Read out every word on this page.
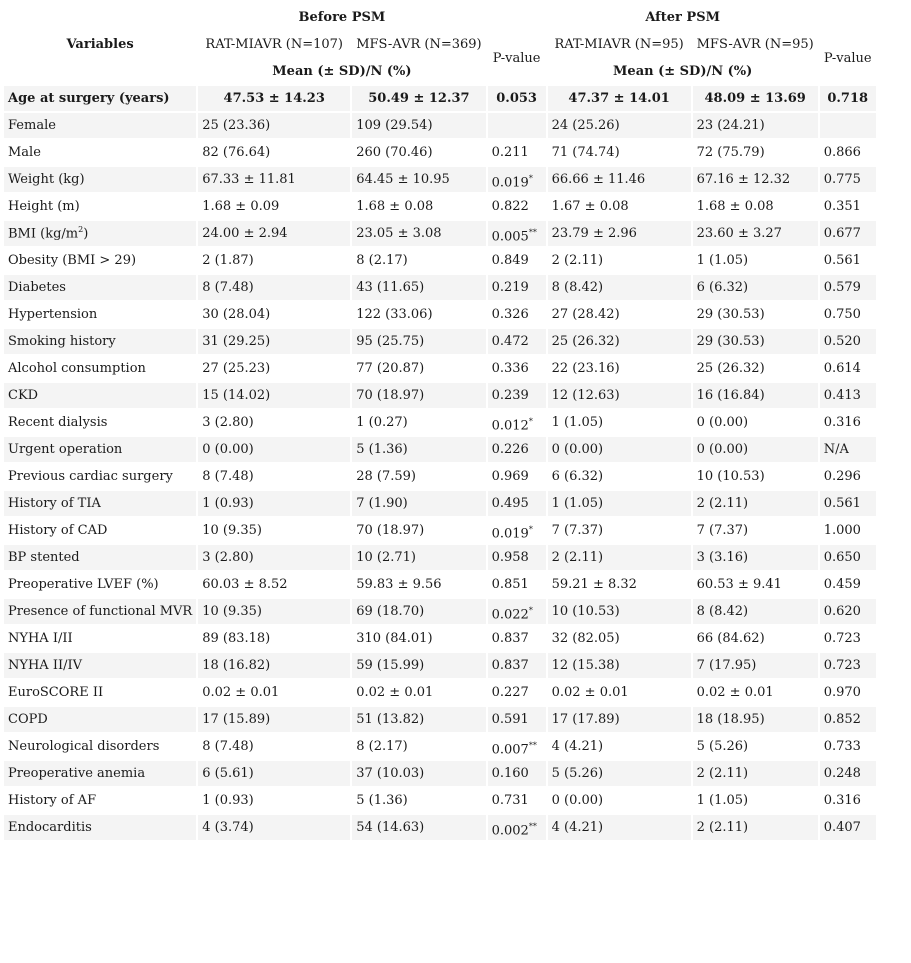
Variables	Before PSM			After PSM		
	RAT-MIAVR (N=107)	MFS-AVR (N=369)	P-value	RAT-MIAVR (N=95)	MFS-AVR (N=95)	P-value
	Mean (± SD)/N (%)			Mean (± SD)/N (%)		
Age at surgery (years)	47.53 ± 14.23	50.49 ± 12.37	0.053	47.37 ± 14.01	48.09 ± 13.69	0.718
Female	25 (23.36)	109 (29.54)		24 (25.26)	23 (24.21)	
Male	82 (76.64)	260 (70.46)	0.211	71 (74.74)	72 (75.79)	0.866
Weight (kg)	67.33 ± 11.81	64.45 ± 10.95	0.019*	66.66 ± 11.46	67.16 ± 12.32	0.775
Height (m)	1.68 ± 0.09	1.68 ± 0.08	0.822	1.67 ± 0.08	1.68 ± 0.08	0.351
BMI $(kg/m^2)$	24.00 ± 2.94	23.05 ± 3.08	0.005**	23.79 ± 2.96	23.60 ± 3.27	0.677
Obesity (BMI > 29)	2 (1.87)	8 (2.17)	0.849	2 (2.11)	1 (1.05)	0.561
Diabetes	8 (7.48)	43 (11.65)	0.219	8 (8.42)	6 (6.32)	0.579
Hypertension	30 (28.04)	122 (33.06)	0.326	27 (28.42)	29 (30.53)	0.750
Smoking history	31 (29.25)	95 (25.75)	0.472	25 (26.32)	29 (30.53)	0.520
Alcohol consumption	27 (25.23)	77 (20.87)	0.336	22 (23.16)	25 (26.32)	0.614
CKD	15 (14.02)	70 (18.97)	0.239	12 (12.63)	16 (16.84)	0.413
Recent dialysis	3 (2.80)	1 (0.27)	0.012*	1 (1.05)	0 (0.00)	0.316
Urgent operation	0 (0.00)	5 (1.36)	0.226	0 (0.00)	0 (0.00)	N/A
Previous cardiac surgery	8 (7.48)	28 (7.59)	0.969	6 (6.32)	10 (10.53)	0.296
History of TIA	1 (0.93)	7 (1.90)	0.495	1 (1.05)	2 (2.11)	0.561
History of CAD	10 (9.35)	70 (18.97)	0.019*	7 (7.37)	7 (7.37)	1.000
BP stented	3 (2.80)	10 (2.71)	0.958	2 (2.11)	3 (3.16)	0.650
Preoperative LVEF (%)	60.03 ± 8.52	59.83 ± 9.56	0.851	59.21 ± 8.32	60.53 ± 9.41	0.459
Presence of functional MVR	10 (9.35)	69 (18.70)	0.022*	10 (10.53)	8 (8.42)	0.620
NYHA I/II	89 (83.18)	310 (84.01)	0.837	32 (82.05)	66 (84.62)	0.723
NYHA II/IV	18 (16.82)	59 (15.99)	0.837	12 (15.38)	7 (17.95)	0.723
EuroSCORE II	0.02 ± 0.01	0.02 ± 0.01	0.227	0.02 ± 0.01	0.02 ± 0.01	0.970
COPD	17 (15.89)	51 (13.82)	0.591	17 (17.89)	18 (18.95)	0.852
Neurological disorders	8 (7.48)	8 (2.17)	0.007**	4 (4.21)	5 (5.26)	0.733
Preoperative anemia	6 (5.61)	37 (10.03)	0.160	5 (5.26)	2 (2.11)	0.248
History of AF	1 (0.93)	5 (1.36)	0.731	0 (0.00)	1 (1.05)	0.316
Endocarditis	4 (3.74)	54 (14.63)	0.002**	4 (4.21)	2 (2.11)	0.407
